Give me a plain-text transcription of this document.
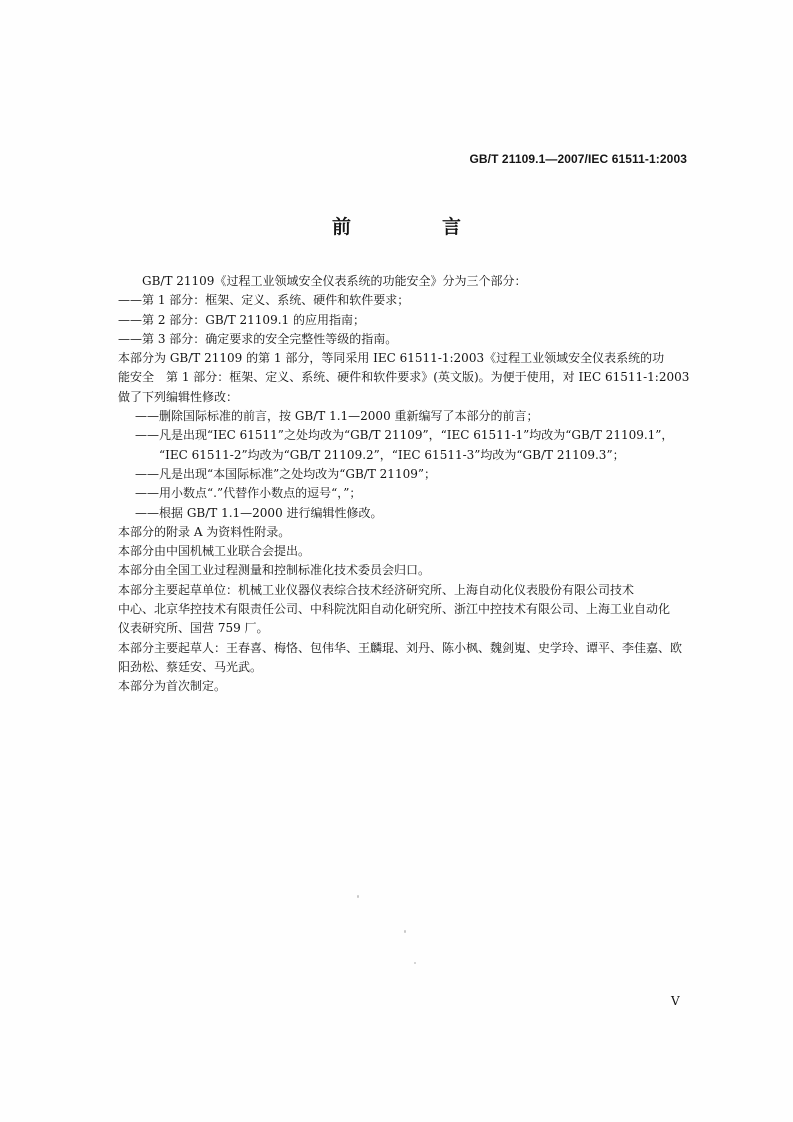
GB/T 21109.1—2007/IEC 61511-1:2003
前　言

GB/T 21109《过程工业领域安全仪表系统的功能安全》分为三个部分：

——第 1 部分：框架、定义、系统、硬件和软件要求；

——第 2 部分：GB/T 21109.1 的应用指南；

——第 3 部分：确定要求的安全完整性等级的指南。

本部分为 GB/T 21109 的第 1 部分，等同采用 IEC 61511-1:2003《过程工业领域安全仪表系统的功

能安全　第 1 部分：框架、定义、系统、硬件和软件要求》(英文版)。为便于使用，对 IEC 61511-1:2003

做了下列编辑性修改：

——删除国际标准的前言，按 GB/T 1.1—2000 重新编写了本部分的前言；

——凡是出现“IEC 61511”之处均改为“GB/T 21109”，“IEC 61511-1”均改为“GB/T 21109.1”，

“IEC 61511-2”均改为“GB/T 21109.2”，“IEC 61511-3”均改为“GB/T 21109.3”；

——凡是出现“本国际标准”之处均改为“GB/T 21109”；

——用小数点“.”代替作小数点的逗号“，”；

——根据 GB/T 1.1—2000 进行编辑性修改。

本部分的附录 A 为资料性附录。

本部分由中国机械工业联合会提出。

本部分由全国工业过程测量和控制标准化技术委员会归口。

本部分主要起草单位：机械工业仪器仪表综合技术经济研究所、上海自动化仪表股份有限公司技术

中心、北京华控技术有限责任公司、中科院沈阳自动化研究所、浙江中控技术有限公司、上海工业自动化

仪表研究所、国营 759 厂。

本部分主要起草人：王春喜、梅恪、包伟华、王麟琨、刘丹、陈小枫、魏剑嵬、史学玲、谭平、李佳嘉、欧

阳劲松、蔡廷安、马光武。

本部分为首次制定。

V
